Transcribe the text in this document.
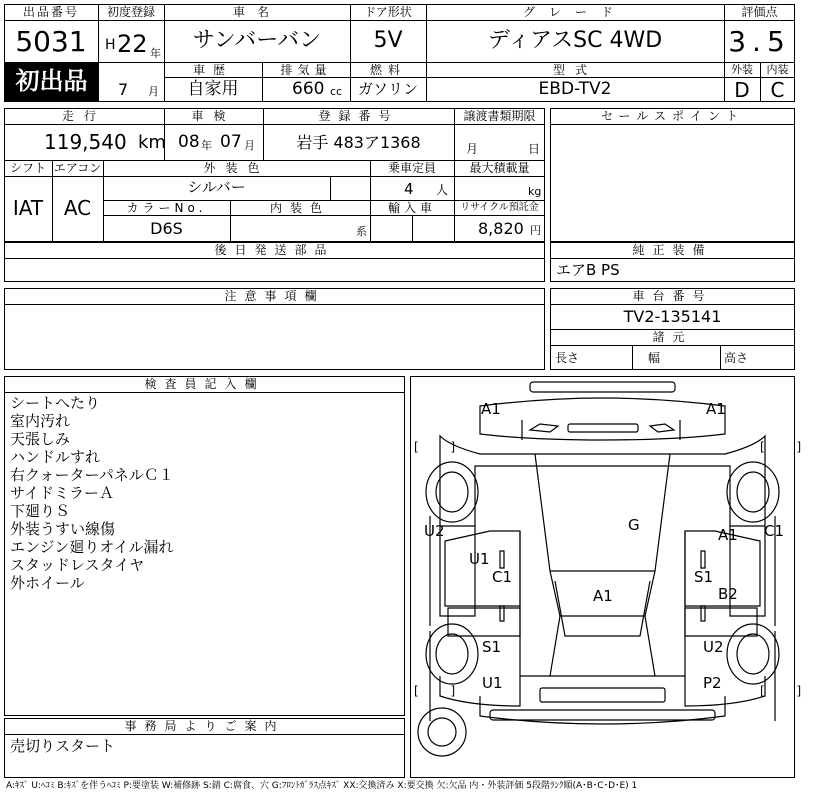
出品番号
5031
初出品
初度登録
H 22 年
7 月
車名
サンバーバン
ドア形状
5V
グレード
ディアスSC 4WD
評価点
3.5
車歴
自家用
排気量
660 cc
燃料
ガソリン
型式
EBD-TV2
外装
D
内装
C
走行
119,540 km
車検
08 年 07 月
登録番号
岩手 483ア1368
譲渡書類期限
月	日
シフト
IAT
エアコン
AC
外装色
シルバー
乗車定員
4 人
最大積載量
kg
カラーNo.
D6S
内装色
系
輸入車	リサイクル預託金
8,820 円
セールスポイント
後日発送部品	純正装備
エアB PS
注意事項欄	車台番号
TV2-135141
諸元
長さ	幅	高さ
検査員記入欄
シートへたり
室内汚れ
天張しみ
ハンドルすれ
右クォーターパネルＣ１
サイドミラーＡ
下廻りＳ
外装うすい線傷
エンジン廻りオイル漏れ
スタッドレスタイヤ
外ホイール
事務局よりご案内
売切りスタート
A:ｷｽﾞ U:ﾍｺﾐ B:ｷｽﾞを伴うﾍｺﾐ P:要塗装 W:補修跡 S:錆 C:腐食、穴 G:ﾌﾛﾝﾄｶﾞﾗｽ点ｷｽﾞ XX:交換済み X:要交換 欠:欠品 内・外装評価 5段階ﾗﾝｸ順(A･B･C･D･E) 1
[ ]	[ ]
[ ]	[ ]
A1	A1
U2
U1
C1
G
A1 C1
A1
S1
B2
S1	U2
U1	P2
